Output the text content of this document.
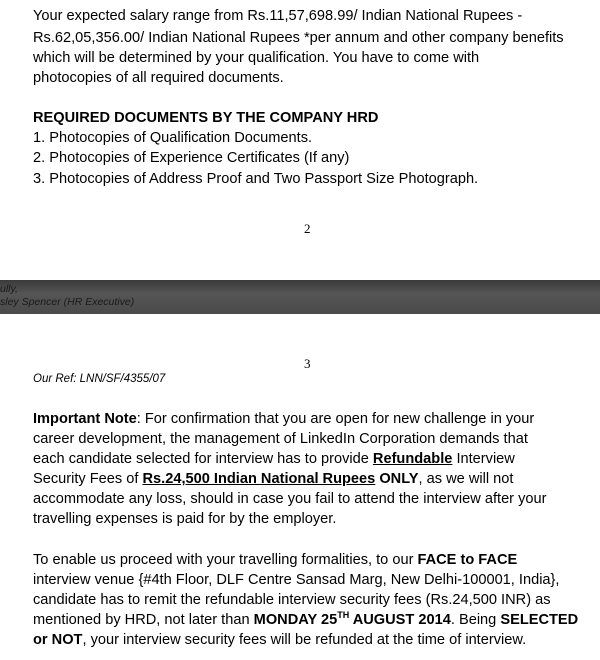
Your expected salary range from Rs.11,57,698.99/ Indian National Rupees -
Rs.62,05,356.00/ Indian National Rupees *per annum and other company benefits
which will be determined by your qualification. You have to come with
photocopies of all required documents.
REQUIRED DOCUMENTS BY THE COMPANY HRD
1. Photocopies of Qualification Documents.
2. Photocopies of Experience Certificates (If any)
3. Photocopies of Address Proof and Two Passport Size Photograph.
2
ully,
sley Spencer (HR Executive)
3
Our Ref: LNN/SF/4355/07
Important Note: For confirmation that you are open for new challenge in your
career development, the management of LinkedIn Corporation demands that
each candidate selected for interview has to provide Refundable Interview
Security Fees of Rs.24,500 Indian National Rupees ONLY, as we will not
accommodate any loss, should in case you fail to attend the interview after your
travelling expenses is paid for by the employer.
To enable us proceed with your travelling formalities, to our FACE to FACE
interview venue {#4th Floor, DLF Centre Sansad Marg, New Delhi-100001, India},
candidate has to remit the refundable interview security fees (Rs.24,500 INR) as
mentioned by HRD, not later than MONDAY 25TH AUGUST 2014. Being SELECTED
or NOT, your interview security fees will be refunded at the time of interview.
